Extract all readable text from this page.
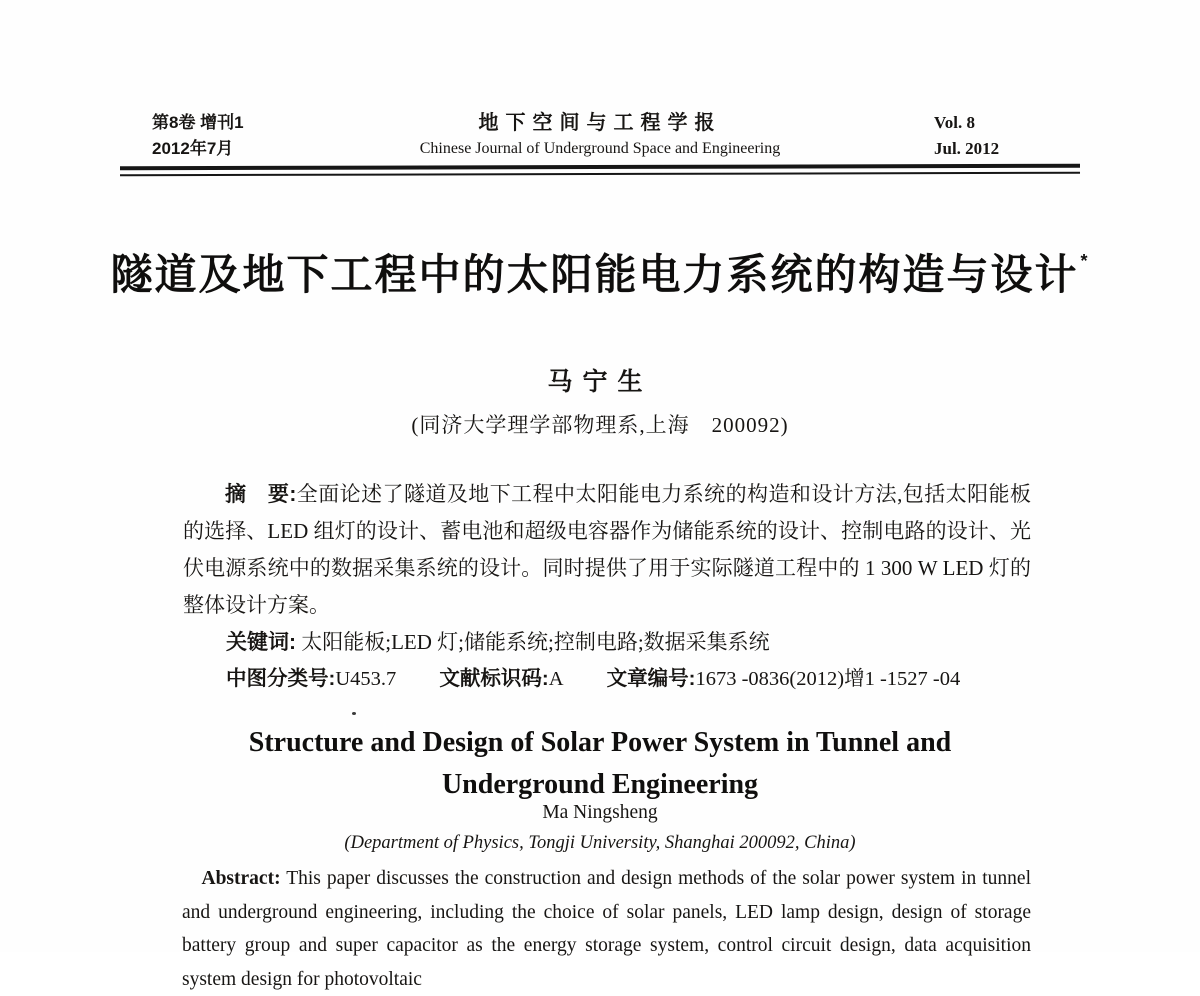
第8卷 增刊1
2012年7月
地下空间与工程学报
Chinese Journal of Underground Space and Engineering
Vol. 8
Jul. 2012
隧道及地下工程中的太阳能电力系统的构造与设计 *
马宁生
(同济大学理学部物理系,上海　200092)

摘　要:全面论述了隧道及地下工程中太阳能电力系统的构造和设计方法,包括太阳能板的选择、LED 组灯的设计、蓄电池和超级电容器作为储能系统的设计、控制电路的设计、光伏电源系统中的数据采集系统的设计。同时提供了用于实际隧道工程中的 1 300 W LED 灯的整体设计方案。

关键词: 太阳能板;LED 灯;储能系统;控制电路;数据采集系统

中图分类号:U453.7 文献标识码:A 文章编号:1673 -0836(2012)增1 -1527 -04

Structure and Design of Solar Power System in Tunnel and
Underground Engineering
Ma Ningsheng
(Department of Physics, Tongji University, Shanghai 200092, China)

Abstract: This paper discusses the construction and design methods of the solar power system in tunnel and underground engineering, including the choice of solar panels, LED lamp design, design of storage battery group and super capacitor as the energy storage system, control circuit design, data acquisition system design for photovoltaic
